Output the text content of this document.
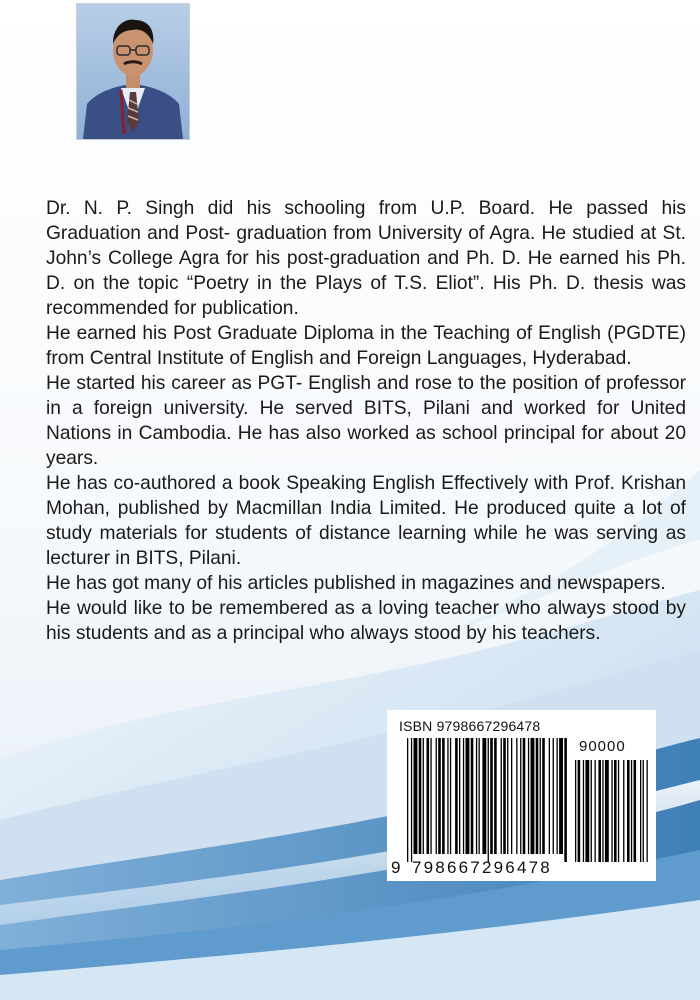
Dr. N. P. Singh did his schooling from U.P. Board. He passed his Graduation and Post- graduation from University of Agra. He studied at St. John’s College Agra for his post-graduation and Ph. D. He earned his Ph. D. on the topic “Poetry in the Plays of T.S. Eliot”. His Ph. D. thesis was recommended for publication.

He earned his Post Graduate Diploma in the Teaching of English (PGDTE) from Central Institute of English and Foreign Languages, Hyderabad.

He started his career as PGT- English and rose to the position of professor in a foreign university. He served BITS, Pilani and worked for United Nations in Cambodia. He has also worked as school principal for about 20 years.

He has co-authored a book Speaking English Effectively with Prof. Krishan Mohan, published by Macmillan India Limited. He produced quite a lot of study materials for students of distance learning while he was serving as lecturer in BITS, Pilani.

He has got many of his articles published in magazines and newspapers.

He would like to be remembered as a loving teacher who always stood by his students and as a principal who always stood by his teachers.

ISBN 9798667296478
90000
9 798667 296478
